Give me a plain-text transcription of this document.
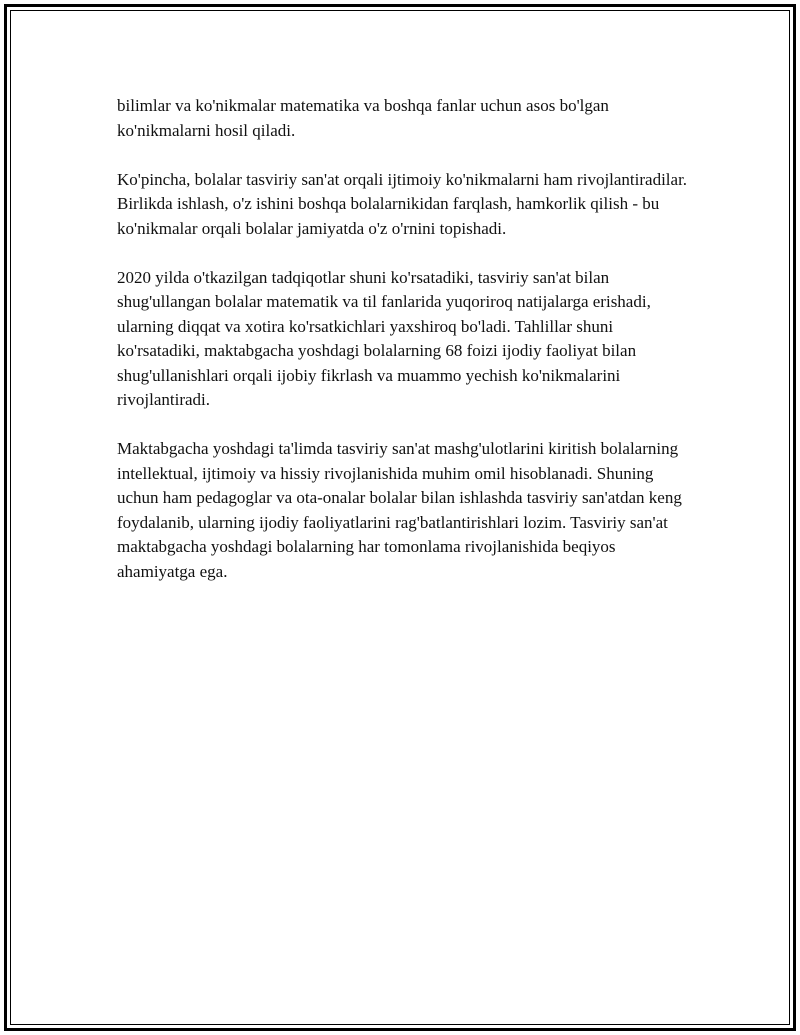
bilimlar va ko'nikmalar matematika va boshqa fanlar uchun asos bo'lgan ko'nikmalarni hosil qiladi.

Ko'pincha, bolalar tasviriy san'at orqali ijtimoiy ko'nikmalarni ham rivojlantiradilar. Birlikda ishlash, o'z ishini boshqa bolalarnikidan farqlash, hamkorlik qilish - bu ko'nikmalar orqali bolalar jamiyatda o'z o'rnini topishadi.

2020 yilda o'tkazilgan tadqiqotlar shuni ko'rsatadiki, tasviriy san'at bilan shug'ullangan bolalar matematik va til fanlarida yuqoriroq natijalarga erishadi, ularning diqqat va xotira ko'rsatkichlari yaxshiroq bo'ladi. Tahlillar shuni ko'rsatadiki, maktabgacha yoshdagi bolalarning 68 foizi ijodiy faoliyat bilan shug'ullanishlari orqali ijobiy fikrlash va muammo yechish ko'nikmalarini rivojlantiradi.

Maktabgacha yoshdagi ta'limda tasviriy san'at mashg'ulotlarini kiritish bolalarning intellektual, ijtimoiy va hissiy rivojlanishida muhim omil hisoblanadi. Shuning uchun ham pedagoglar va ota-onalar bolalar bilan ishlashda tasviriy san'atdan keng foydalanib, ularning ijodiy faoliyatlarini rag'batlantirishlari lozim. Tasviriy san'at maktabgacha yoshdagi bolalarning har tomonlama rivojlanishida beqiyos ahamiyatga ega.
